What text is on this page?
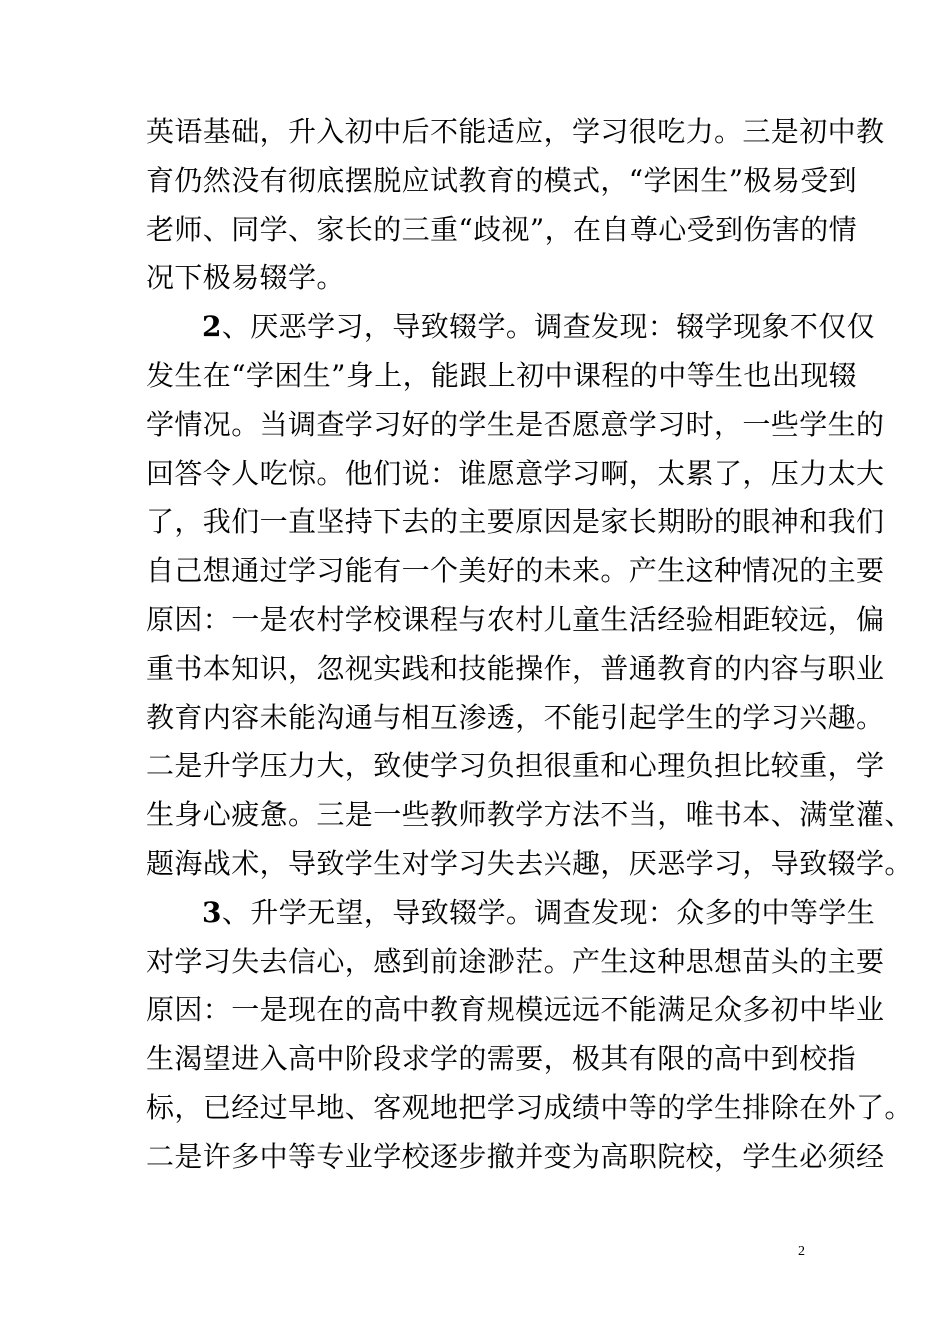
英语基础，升入初中后不能适应，学习很吃力。三是初中教
育仍然没有彻底摆脱应试教育的模式，“学困生”极易受到
老师、同学、家长的三重“歧视”，在自尊心受到伤害的情
况下极易辍学。
2、厌恶学习，导致辍学。调查发现：辍学现象不仅仅
发生在“学困生”身上，能跟上初中课程的中等生也出现辍
学情况。当调查学习好的学生是否愿意学习时，一些学生的
回答令人吃惊。他们说：谁愿意学习啊，太累了，压力太大
了，我们一直坚持下去的主要原因是家长期盼的眼神和我们
自己想通过学习能有一个美好的未来。产生这种情况的主要
原因：一是农村学校课程与农村儿童生活经验相距较远，偏
重书本知识，忽视实践和技能操作，普通教育的内容与职业
教育内容未能沟通与相互渗透，不能引起学生的学习兴趣。
二是升学压力大，致使学习负担很重和心理负担比较重，学
生身心疲惫。三是一些教师教学方法不当，唯书本、满堂灌、
题海战术，导致学生对学习失去兴趣，厌恶学习，导致辍学。
3、升学无望，导致辍学。调查发现：众多的中等学生
对学习失去信心，感到前途渺茫。产生这种思想苗头的主要
原因：一是现在的高中教育规模远远不能满足众多初中毕业
生渴望进入高中阶段求学的需要，极其有限的高中到校指
标，已经过早地、客观地把学习成绩中等的学生排除在外了。
二是许多中等专业学校逐步撤并变为高职院校，学生必须经
2
